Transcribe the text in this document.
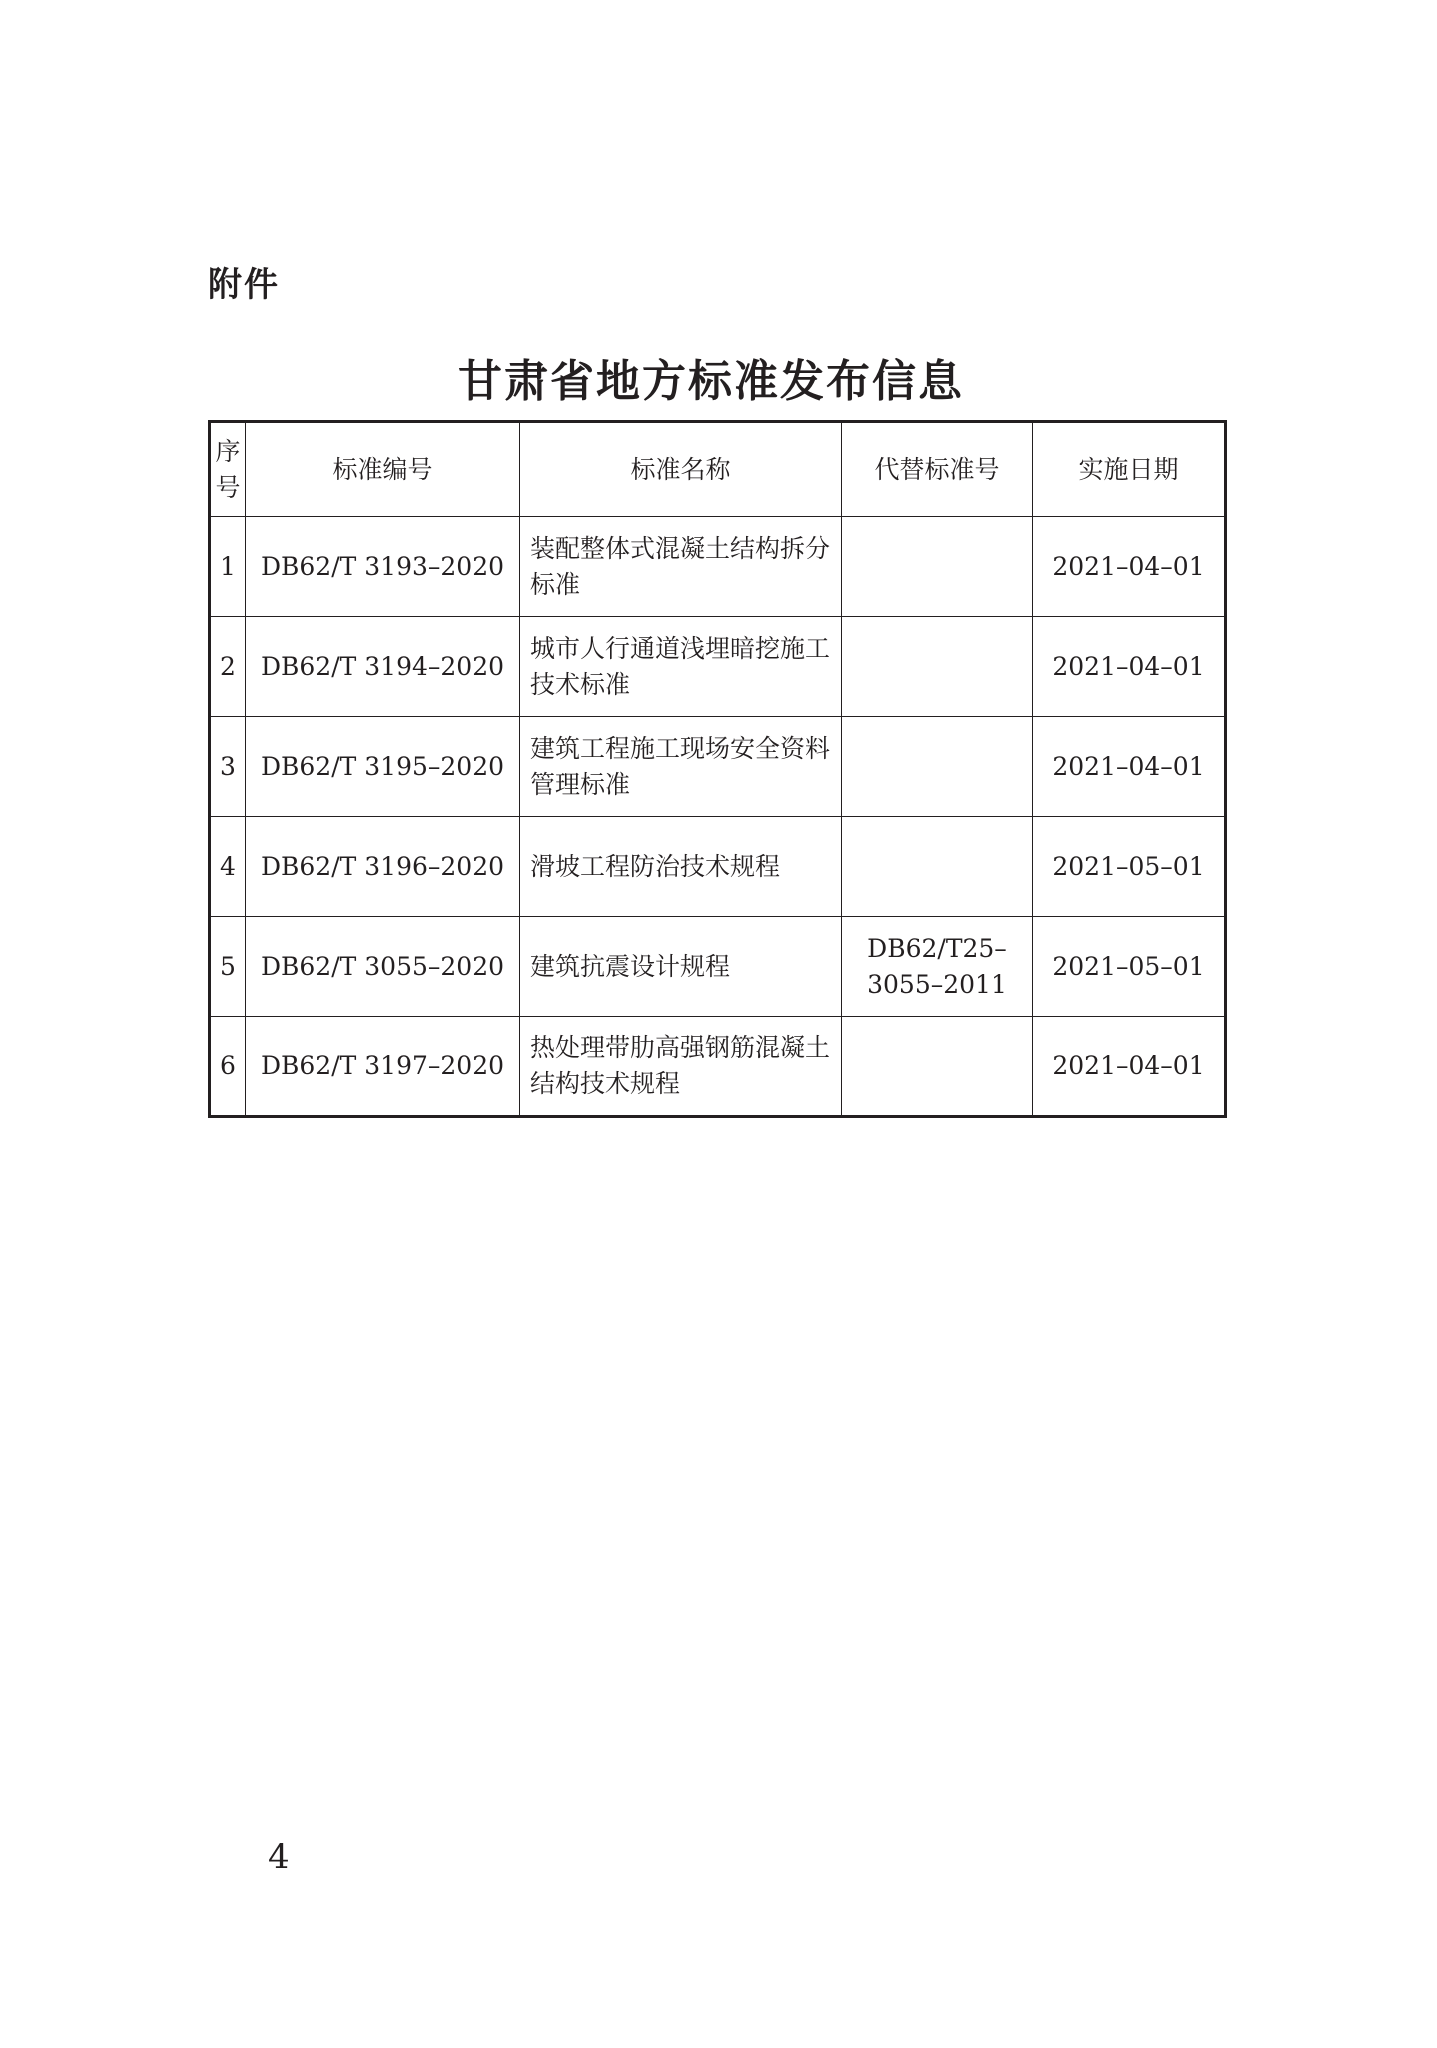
附件
甘肃省地方标准发布信息
序号	标准编号	标准名称	代替标准号	实施日期
1	DB62/T 3193–2020	装配整体式混凝土结构拆分标准		2021–04–01
2	DB62/T 3194–2020	城市人行通道浅埋暗挖施工技术标准		2021–04–01
3	DB62/T 3195–2020	建筑工程施工现场安全资料管理标准		2021–04–01
4	DB62/T 3196–2020	滑坡工程防治技术规程		2021–05–01
5	DB62/T 3055–2020	建筑抗震设计规程	DB62/T25–3055–2011	2021–05–01
6	DB62/T 3197–2020	热处理带肋高强钢筋混凝土结构技术规程		2021–04–01
4
